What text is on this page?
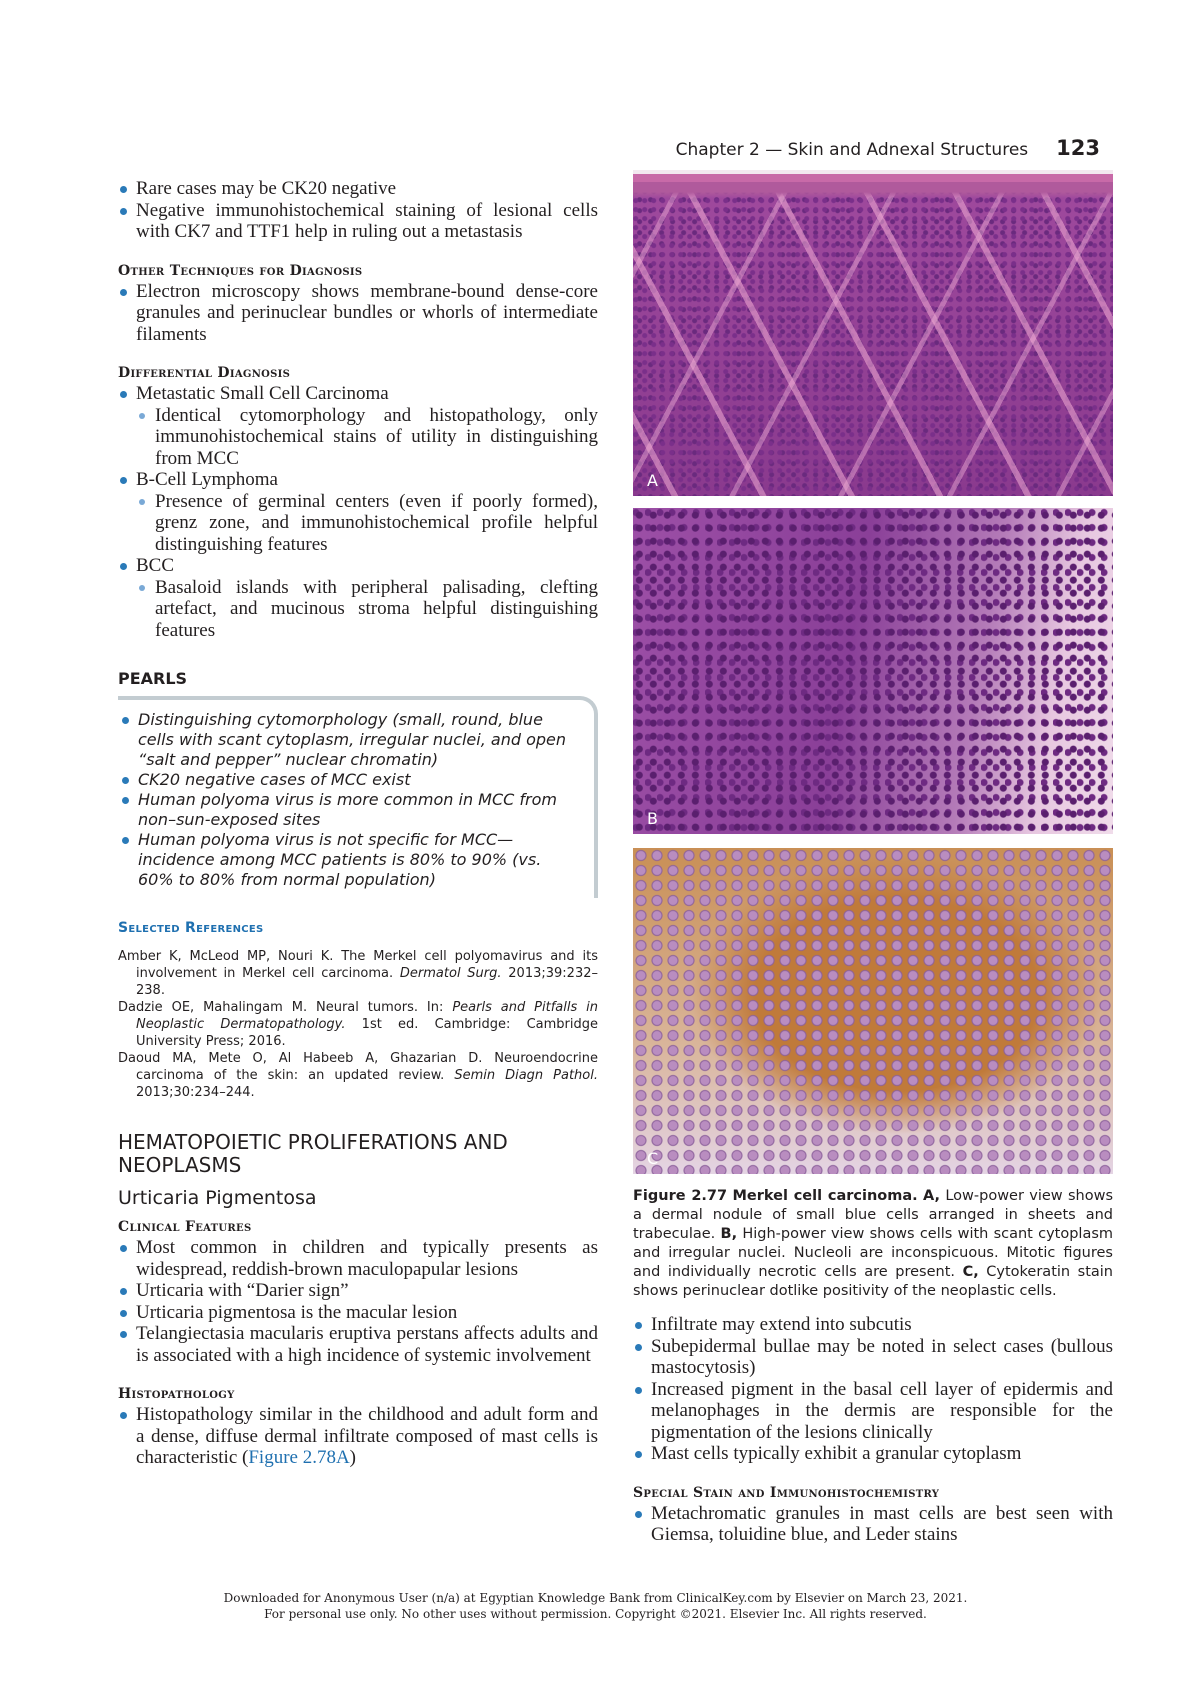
Chapter 2 — Skin and Adnexal Structures 123
Rare cases may be CK20 negative
Negative immunohistochemical staining of lesional cells with CK7 and TTF1 help in ruling out a metastasis
Other Techniques for Diagnosis
Electron microscopy shows membrane-bound dense-core granules and perinuclear bundles or whorls of intermediate filaments
Differential Diagnosis
Metastatic Small Cell Carcinoma
Identical cytomorphology and histopathology, only immunohistochemical stains of utility in distinguishing from MCC
B-Cell Lymphoma
Presence of germinal centers (even if poorly formed), grenz zone, and immunohistochemical profile helpful distinguishing features
BCC
Basaloid islands with peripheral palisading, clefting artefact, and mucinous stroma helpful distinguishing features
PEARLS
Distinguishing cytomorphology (small, round, blue cells with scant cytoplasm, irregular nuclei, and open “salt and pepper” nuclear chromatin)
CK20 negative cases of MCC exist
Human polyoma virus is more common in MCC from non–sun-exposed sites
Human polyoma virus is not specific for MCC—incidence among MCC patients is 80% to 90% (vs. 60% to 80% from normal population)
Selected References

Amber K, McLeod MP, Nouri K. The Merkel cell polyomavirus and its involvement in Merkel cell carcinoma. Dermatol Surg. 2013;39:232–238.

Dadzie OE, Mahalingam M. Neural tumors. In: Pearls and Pitfalls in Neoplastic Dermatopathology. 1st ed. Cambridge: Cambridge University Press; 2016.

Daoud MA, Mete O, Al Habeeb A, Ghazarian D. Neuroendocrine carcinoma of the skin: an updated review. Semin Diagn Pathol. 2013;30:234–244.

HEMATOPOIETIC PROLIFERATIONS AND NEOPLASMS
Urticaria Pigmentosa
Clinical Features
Most common in children and typically presents as widespread, reddish-brown maculopapular lesions
Urticaria with “Darier sign”
Urticaria pigmentosa is the macular lesion
Telangiectasia macularis eruptiva perstans affects adults and is associated with a high incidence of systemic involvement
Histopathology
Histopathology similar in the childhood and adult form and a dense, diffuse dermal infiltrate composed of mast cells is characteristic (Figure 2.78A)
A
B
C
Figure 2.77 Merkel cell carcinoma. A, Low-power view shows a dermal nodule of small blue cells arranged in sheets and trabeculae. B, High-power view shows cells with scant cytoplasm and irregular nuclei. Nucleoli are inconspicuous. Mitotic figures and individually necrotic cells are present. C, Cytokeratin stain shows perinuclear dotlike positivity of the neoplastic cells.
Infiltrate may extend into subcutis
Subepidermal bullae may be noted in select cases (bullous mastocytosis)
Increased pigment in the basal cell layer of epidermis and melanophages in the dermis are responsible for the pigmentation of the lesions clinically
Mast cells typically exhibit a granular cytoplasm
Special Stain and Immunohistochemistry
Metachromatic granules in mast cells are best seen with Giemsa, toluidine blue, and Leder stains
Downloaded for Anonymous User (n/a) at Egyptian Knowledge Bank from ClinicalKey.com by Elsevier on March 23, 2021.
For personal use only. No other uses without permission. Copyright ©2021. Elsevier Inc. All rights reserved.
